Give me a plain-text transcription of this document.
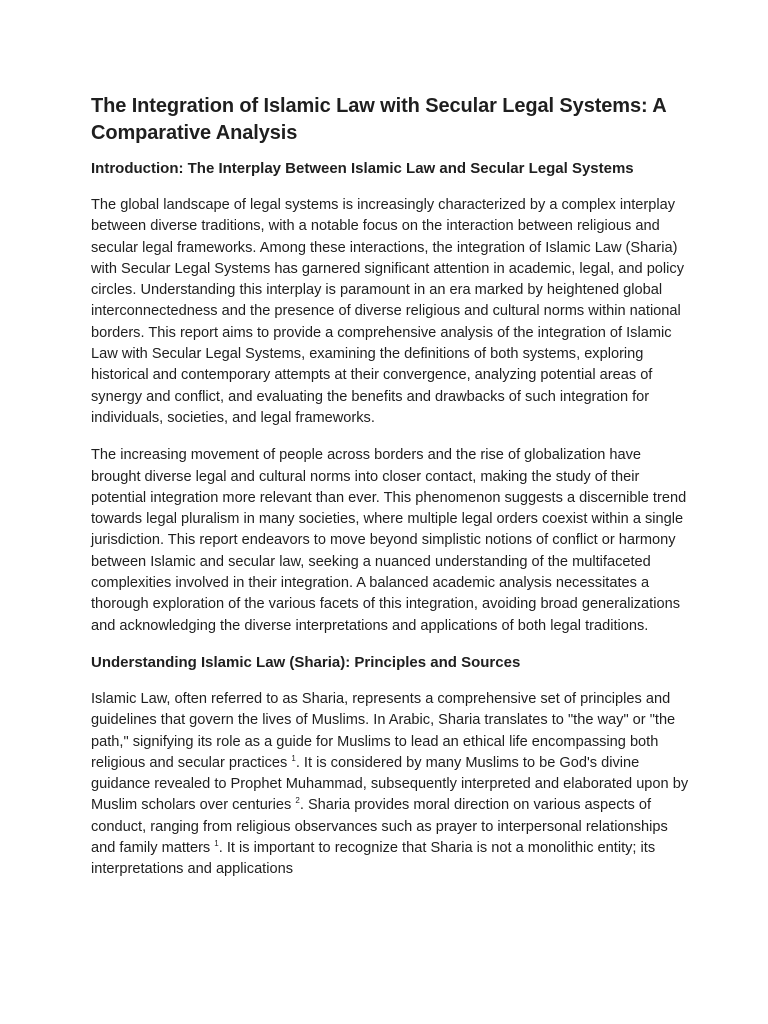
The Integration of Islamic Law with Secular Legal Systems: A Comparative Analysis
Introduction: The Interplay Between Islamic Law and Secular Legal Systems

The global landscape of legal systems is increasingly characterized by a complex interplay between diverse traditions, with a notable focus on the interaction between religious and secular legal frameworks. Among these interactions, the integration of Islamic Law (Sharia) with Secular Legal Systems has garnered significant attention in academic, legal, and policy circles. Understanding this interplay is paramount in an era marked by heightened global interconnectedness and the presence of diverse religious and cultural norms within national borders. This report aims to provide a comprehensive analysis of the integration of Islamic Law with Secular Legal Systems, examining the definitions of both systems, exploring historical and contemporary attempts at their convergence, analyzing potential areas of synergy and conflict, and evaluating the benefits and drawbacks of such integration for individuals, societies, and legal frameworks.

The increasing movement of people across borders and the rise of globalization have brought diverse legal and cultural norms into closer contact, making the study of their potential integration more relevant than ever. This phenomenon suggests a discernible trend towards legal pluralism in many societies, where multiple legal orders coexist within a single jurisdiction. This report endeavors to move beyond simplistic notions of conflict or harmony between Islamic and secular law, seeking a nuanced understanding of the multifaceted complexities involved in their integration. A balanced academic analysis necessitates a thorough exploration of the various facets of this integration, avoiding broad generalizations and acknowledging the diverse interpretations and applications of both legal traditions.

Understanding Islamic Law (Sharia): Principles and Sources

Islamic Law, often referred to as Sharia, represents a comprehensive set of principles and guidelines that govern the lives of Muslims. In Arabic, Sharia translates to "the way" or "the path," signifying its role as a guide for Muslims to lead an ethical life encompassing both religious and secular practices $^1$. It is considered by many Muslims to be God's divine guidance revealed to Prophet Muhammad, subsequently interpreted and elaborated upon by Muslim scholars over centuries $^2$. Sharia provides moral direction on various aspects of conduct, ranging from religious observances such as prayer to interpersonal relationships and family matters $^1$. It is important to recognize that Sharia is not a monolithic entity; its interpretations and applications
